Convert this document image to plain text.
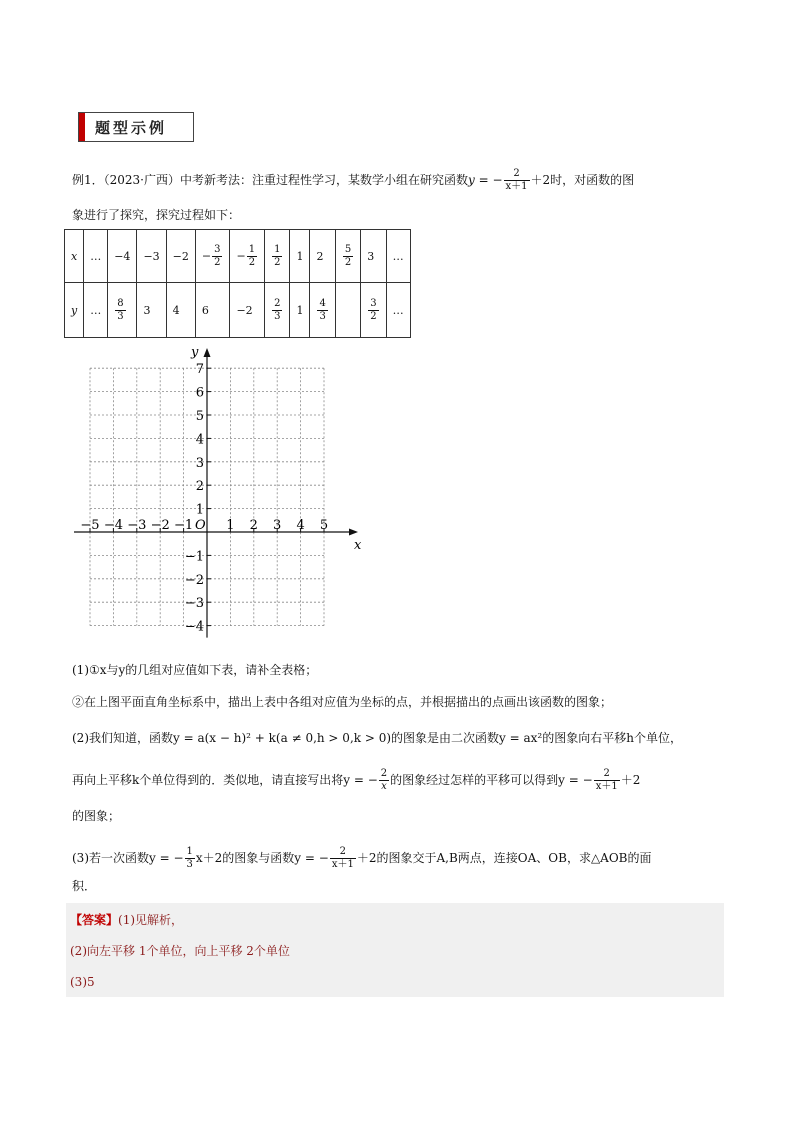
题型示例
例1．（2023·广西）中考新考法：注重过程性学习，某数学小组在研究函数y = − $\frac{2}{x+1} +2$时，对函数的图
象进行了探究，探究过程如下：
x	…	−4	−3	−2	− $\frac{3}{2}$	− $\frac{1}{2}$	$\frac{1}{2}$	1	2	$\frac{5}{2}$	3	…
y	…	$\frac{8}{3}$	3	4	6	−2	$\frac{2}{3}$	1	$\frac{4}{3}$		$\frac{3}{2}$	…
x
y
O
−5 −4 −3 −2 −1	1 2 3 4 5
7
6
5
4
3
2
1
−1
−2
−3
−4
(1)①x与y的几组对应值如下表，请补全表格；
②在上图平面直角坐标系中，描出上表中各组对应值为坐标的点，并根据描出的点画出该函数的图象；
(2)我们知道，函数y = a(x − h)² + k(a ≠ 0,h > 0,k > 0)的图象是由二次函数y = ax²的图象向右平移h个单位，
再向上平移k个单位得到的．类似地，请直接写出将y = − $\frac{2}{x}$ 的图象经过怎样的平移可以得到y = − $\frac{2}{x+1} +2$
的图象；
(3)若一次函数y = − $\frac{1}{3} x+2$的图象与函数y = − $\frac{2}{x+1} +2$的图象交于A,B两点，连接OA、OB，求△AOB的面
积．
【答案】(1)见解析，
(2)向左平移 1个单位，向上平移 2个单位
(3)5
